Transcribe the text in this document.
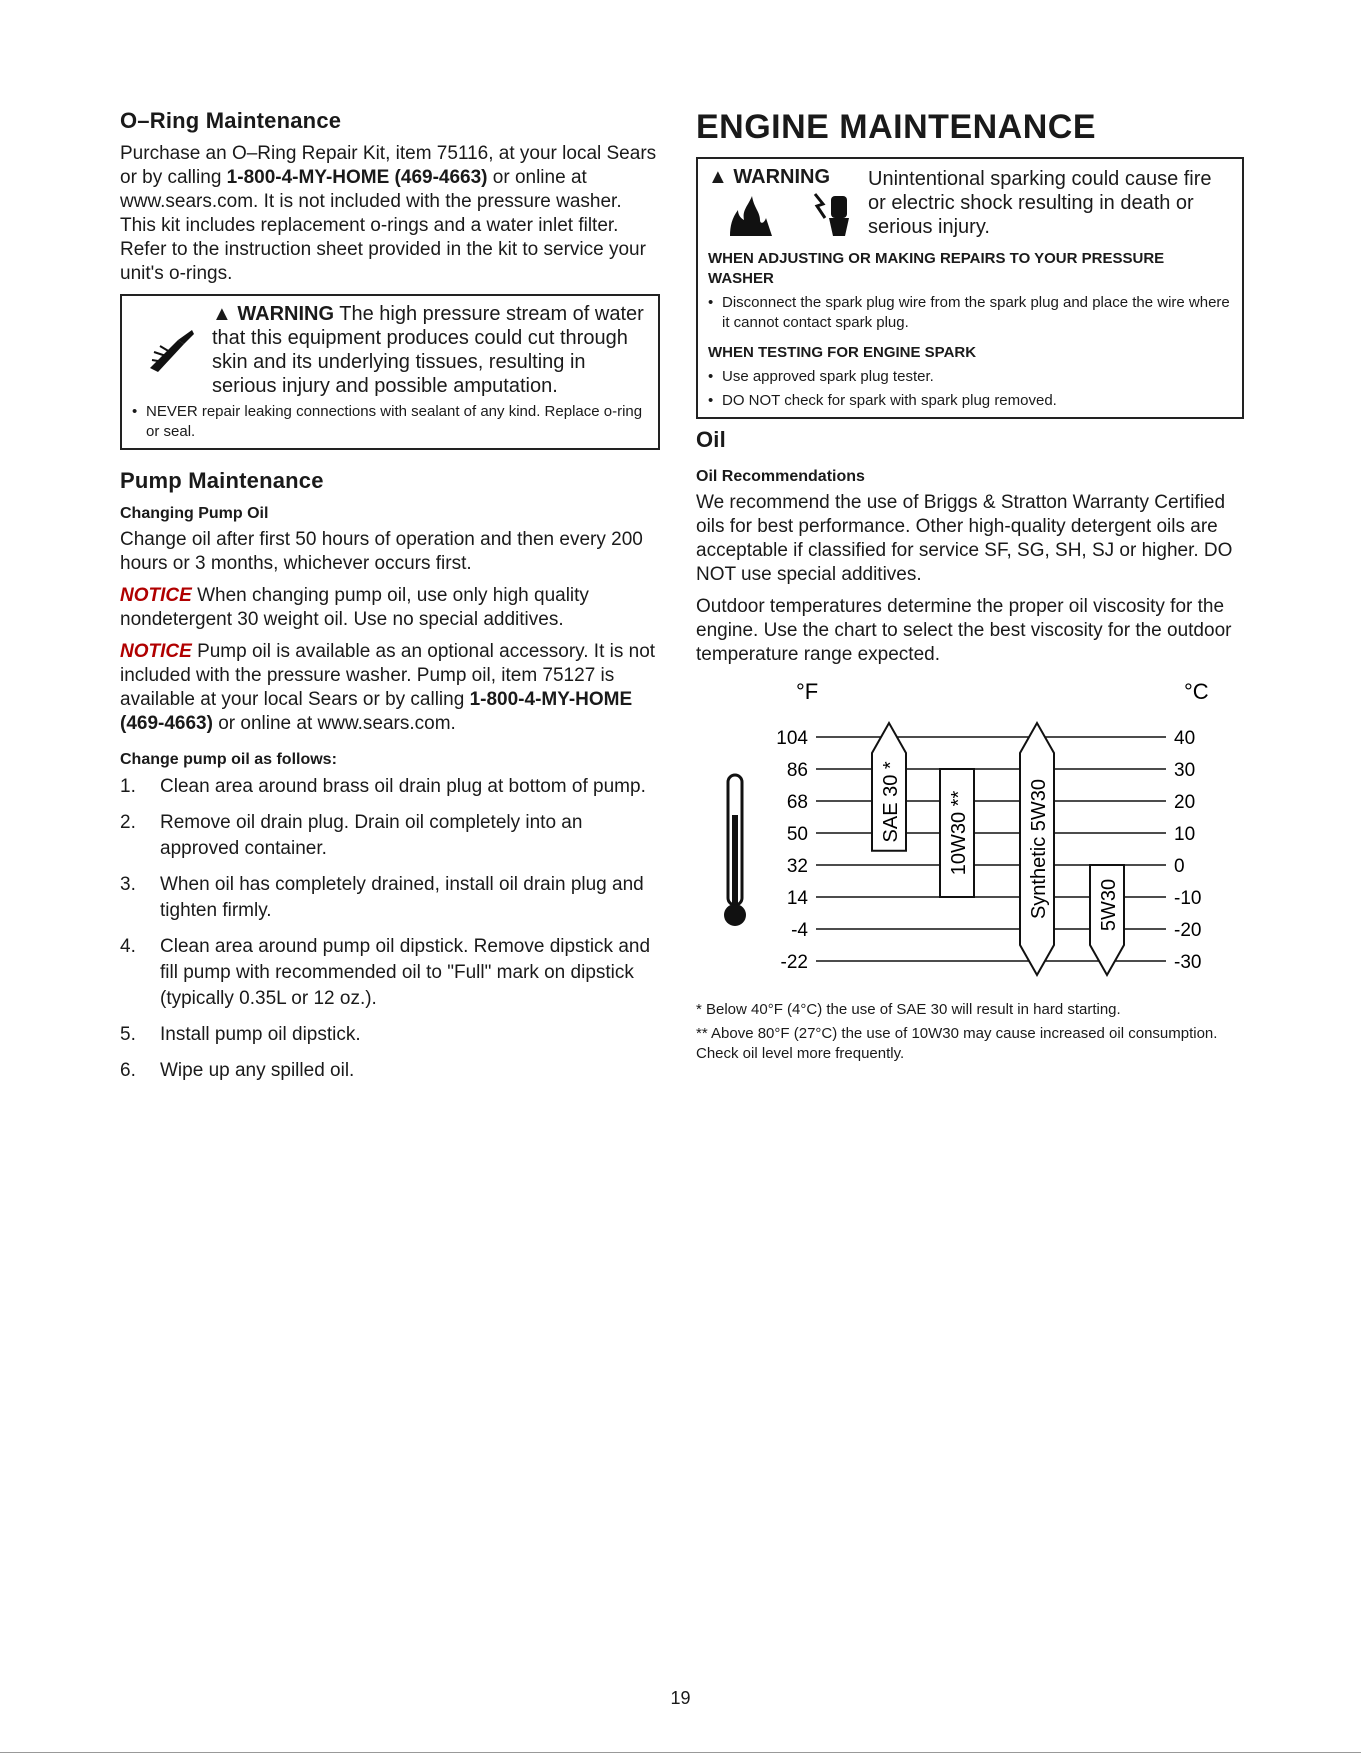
O–Ring Maintenance

Purchase an O–Ring Repair Kit, item 75116, at your local Sears or by calling 1-800-4-MY-HOME (469-4663) or online at www.sears.com. It is not included with the pressure washer. This kit includes replacement o-rings and a water inlet filter. Refer to the instruction sheet provided in the kit to service your unit's o-rings.

▲ WARNING The high pressure stream of water that this equipment produces could cut through skin and its underlying tissues, resulting in serious injury and possible amputation.
• NEVER repair leaking connections with sealant of any kind. Replace o-ring or seal.
Pump Maintenance
Changing Pump Oil

Change oil after first 50 hours of operation and then every 200 hours or 3 months, whichever occurs first.

NOTICE When changing pump oil, use only high quality nondetergent 30 weight oil. Use no special additives.

NOTICE Pump oil is available as an optional accessory. It is not included with the pressure washer. Pump oil, item 75127 is available at your local Sears or by calling 1-800-4-MY-HOME (469-4663) or online at www.sears.com.

Change pump oil as follows:
1. Clean area around brass oil drain plug at bottom of pump.
2. Remove oil drain plug. Drain oil completely into an approved container.
3. When oil has completely drained, install oil drain plug and tighten firmly.
4. Clean area around pump oil dipstick. Remove dipstick and fill pump with recommended oil to "Full" mark on dipstick (typically 0.35L or 12 oz.).
5. Install pump oil dipstick.
6. Wipe up any spilled oil.
ENGINE MAINTENANCE
▲ WARNING	Unintentional sparking could cause fire or electric shock resulting in death or serious injury.
WHEN ADJUSTING OR MAKING REPAIRS TO YOUR PRESSURE WASHER
• Disconnect the spark plug wire from the spark plug and place the wire where it cannot contact spark plug.
WHEN TESTING FOR ENGINE SPARK
• Use approved spark plug tester.
• DO NOT check for spark with spark plug removed.
Oil
Oil Recommendations

We recommend the use of Briggs & Stratton Warranty Certified oils for best performance. Other high-quality detergent oils are acceptable if classified for service SF, SG, SH, SJ or higher. DO NOT use special additives.

Outdoor temperatures determine the proper oil viscosity for the engine. Use the chart to select the best viscosity for the outdoor temperature range expected.

°F	°C
104	40
86	30
68	20
50	10
32	0
14	-10
-4	-20
-22	-30
SAE 30 * 10W30 **	Synthetic 5W30 5W30
* Below 40°F (4°C) the use of SAE 30 will result in hard starting.
** Above 80°F (27°C) the use of 10W30 may cause increased oil consumption. Check oil level more frequently.
19
